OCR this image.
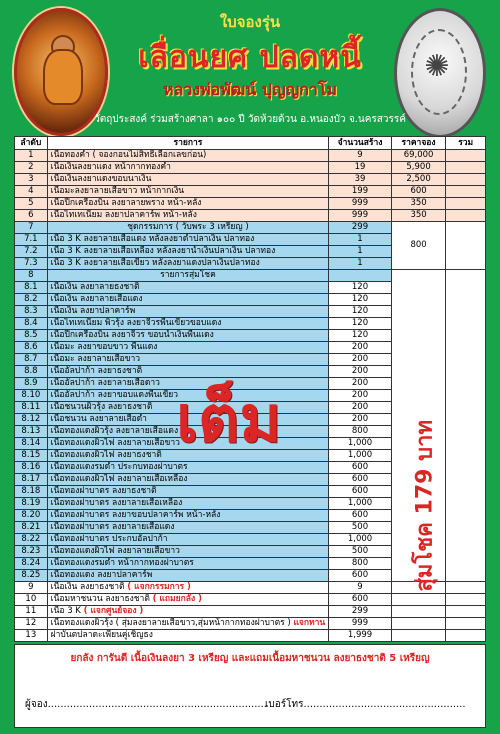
✺
ใบจองรุ่น
เลื่อนยศ ปลดหนี้
หลวงพ่อพัฒน์ ปุญญกาโม
วัตถุประสงค์ ร่วมสร้างศาลา ๑๐๐ ปี วัดห้วยด้วน อ.หนองบัว จ.นครสวรรค์
ลำดับ	รายการ	จำนวนสร้าง	ราคาจอง	รวม
1	เนื้อทองคำ ( จองกอนไม่สิทธิ์เลือกเลขก่อน)	9	69,000	
2	เนื้อเงินลงยาแดง หน้ากากทองคำ	19	5,900	
3	เนื้อเงินลงยาแดงขอบนาเงิน	39	2,500	
4	เนื้อมะลงยาลายเสือขาว หน้ากากเงิน	199	600	
5	เนื้อปีกเครื่องบิน ลงยาลายพราง หน้า-หลัง	999	350	
6	เนื้อไทเทเนียม ลงยาปลาคาร์พ หน้า-หลัง	999	350	
7	ชุดกรรมการ ( วับพระ 3 เหรียญ )	299	800	
7.1	เนื้อ 3 K ลงยาลายเสือแดง หลังลงยาดำปลาเงิน ปลาทอง	1		
7.2	เนื้อ 3 K ลงยาลายเสือเหลือง หลังลงยาน้ำเงินปลาเงิน ปลาทอง	1		
7.3	เนื้อ 3 K ลงยาลายเสือเขียว หลังลงยาแดงปลาเงินปลาทอง	1		
8	รายการสุ่มโชค			
8.1	เนื้อเงิน ลงยาลายธงชาติ	120		
8.2	เนื้อเงิน ลงยาลายเสือแดง	120		
8.3	เนื้อเงิน ลงยาปลาคาร์พ	120		
8.4	เนื้อไทเทเนียม พิวรุ้ง ลงยาจีวรพื้นเขียวขอบแดง	120		
8.5	เนื้อปีกเครื่องบิน ลงยาจีวร ขอบนำเงินพื้นแดง	120		
8.6	เนื้อมะ ลงยาขอบขาว พื้นแดง	200		
8.7	เนื้อมะ ลงยาลายเสือขาว	200		
8.8	เนื้ออัลปาก้า ลงยาธงชาติ	200		
8.9	เนื้ออัลปาก้า ลงยาลายเสือดาว	200		
8.10	เนื้ออัลปาก้า ลงยาขอบแดงพื้นเขียว	200		
8.11	เนื้อชนวนผิวรุ้ง ลงยาธงชาติ	200		
8.12	เนื้อชนวน ลงยาลายเสือดำ	200		
8.13	เนื้อทองแดงผิวรุ้ง ลงยาลายเสือแดง	800		
8.14	เนื้อทองแดงผิวไฟ ลงยาลายเสือขาว	1,000		
8.15	เนื้อทองแดงผิวไฟ ลงยาธงชาติ	1,000		
8.16	เนื้อทองแดงรมดำ ประกบทองฝาบาตร	600		
8.17	เนื้อทองแดงผิวไฟ ลงยาลายเสือเหลือง	600		
8.18	เนื้อทองฝาบาตร ลงยาธงชาติ	600		
8.19	เนื้อทองฝาบาตร ลงยาลายเสือเหลือง	1,000		
8.20	เนื้อทองฝาบาตร ลงยาขอบปลาคาร์พ หน้า-หลัง	600		
8.21	เนื้อทองฝาบาตร ลงยาลายเสือแดง	500		
8.22	เนื้อทองฝาบาตร ประกบอัลปาก้า	1,000		
8.23	เนื้อทองแดงผิวไฟ ลงยาลายเสือขาว	500		
8.24	เนื้อทองแดงรมดำ หน้ากากทองฝาบาตร	800		
8.25	เนื้อทองแดง ลงยาปลาคาร์พ	600		
9	เนื้อเงิน ลงยาธงชาติ ( แจกกรรมการ )	9		
10	เนื้อมหาชนวน ลงยาธงชาติ ( แถมยกลัง )	600		
11	เนื้อ 3 K ( แจกศูนย์จอง )	299		
12	เนื้อทองแดงผิวรุ้ง ( สุ่มลงยาลายเสือขาว,สุ่มหน้ากากทองฝาบาตร ) แจกทาน	999		
13	ฝาบันตปลาดะเพียนคู่เชิญธง	1,999		
เต็ม
สุ่มโชค 179 บาท
ยกลัง การันตี เนื้อเงินลงยา 3 เหรียญ และแถมเนื้อมหาชนวน ลงยาธงชาติ 5 เหรียญ
ผู้จอง.....................................................................
เบอร์โทร...................................................
